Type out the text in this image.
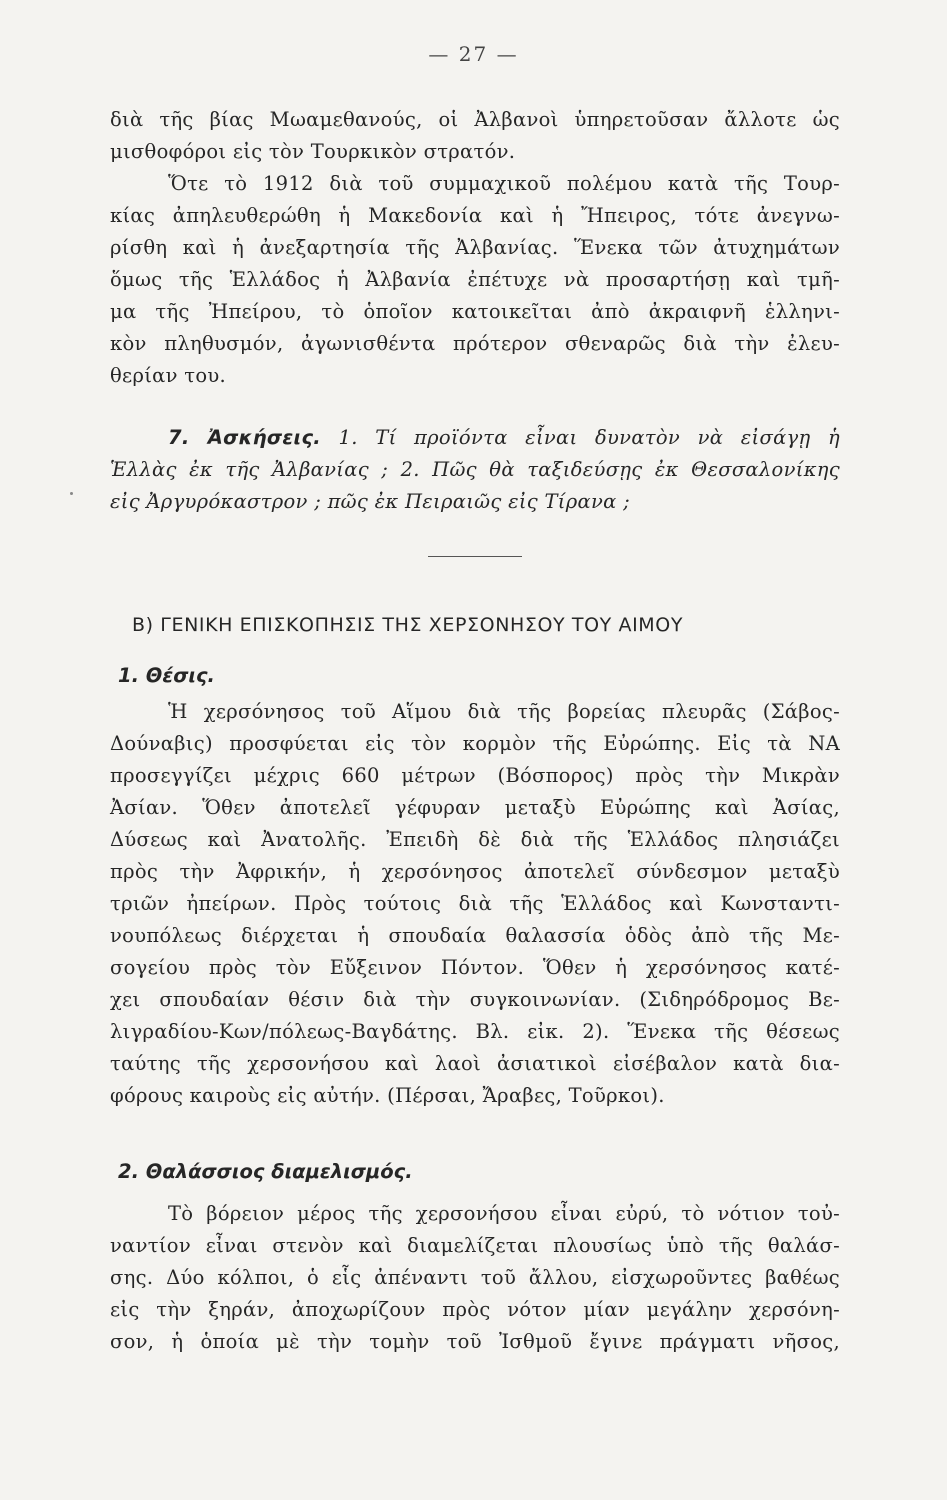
— 27 —
διὰ τῆς βίας Μωαμεθανούς, οἱ Ἀλβανοὶ ὑπηρετοῦσαν ἄλλοτε ὡς
μισθοφόροι εἰς τὸν Τουρκικὸν στρατόν.
Ὅτε τὸ 1912 διὰ τοῦ συμμαχικοῦ πολέμου κατὰ τῆς Τουρ-
κίας ἀπηλευθερώθη ἡ Μακεδονία καὶ ἡ Ἤπειρος, τότε ἀνεγνω-
ρίσθη καὶ ἡ ἀνεξαρτησία τῆς Ἀλβανίας. Ἕνεκα τῶν ἀτυχημάτων
ὅμως τῆς Ἑλλάδος ἡ Ἀλβανία ἐπέτυχε νὰ προσαρτήσῃ καὶ τμῆ-
μα τῆς Ἠπείρου, τὸ ὁποῖον κατοικεῖται ἀπὸ ἀκραιφνῆ ἑλληνι-
κὸν πληθυσμόν, ἀγωνισθέντα πρότερον σθεναρῶς διὰ τὴν ἐλευ-
θερίαν του.
7. Ἀσκήσεις. 1. Τί προϊόντα εἶναι δυνατὸν νὰ εἰσάγῃ ἡ
Ἑλλὰς ἐκ τῆς Ἀλβανίας ; 2. Πῶς θὰ ταξιδεύσῃς ἐκ Θεσσαλονίκης
εἰς Ἀργυρόκαστρον ; πῶς ἐκ Πειραιῶς εἰς Τίρανα ;
Β) ΓΕΝΙΚΗ ΕΠΙΣΚΟΠΗΣΙΣ ΤΗΣ ΧΕΡΣΟΝΗΣΟΥ ΤΟΥ ΑΙΜΟΥ
1. Θέσις.
Ἡ χερσόνησος τοῦ Αἵμου διὰ τῆς βορείας πλευρᾶς (Σάβος-
Δούναβις) προσφύεται εἰς τὸν κορμὸν τῆς Εὐρώπης. Εἰς τὰ ΝΑ
προσεγγίζει μέχρις 660 μέτρων (Βόσπορος) πρὸς τὴν Μικρὰν
Ἀσίαν. Ὅθεν ἀποτελεῖ γέφυραν μεταξὺ Εὐρώπης καὶ Ἀσίας,
Δύσεως καὶ Ἀνατολῆς. Ἐπειδὴ δὲ διὰ τῆς Ἑλλάδος πλησιάζει
πρὸς τὴν Ἀφρικήν, ἡ χερσόνησος ἀποτελεῖ σύνδεσμον μεταξὺ
τριῶν ἠπείρων. Πρὸς τούτοις διὰ τῆς Ἑλλάδος καὶ Κωνσταντι-
νουπόλεως διέρχεται ἡ σπουδαία θαλασσία ὁδὸς ἀπὸ τῆς Με-
σογείου πρὸς τὸν Εὔξεινον Πόντον. Ὅθεν ἡ χερσόνησος κατέ-
χει σπουδαίαν θέσιν διὰ τὴν συγκοινωνίαν. (Σιδηρόδρομος Βε-
λιγραδίου-Κων/πόλεως-Βαγδάτης. Βλ. εἰκ. 2). Ἕνεκα τῆς θέσεως
ταύτης τῆς χερσονήσου καὶ λαοὶ ἀσιατικοὶ εἰσέβαλον κατὰ δια-
φόρους καιροὺς εἰς αὐτήν. (Πέρσαι, Ἄραβες, Τοῦρκοι).
2. Θαλάσσιος διαμελισμός.
Τὸ βόρειον μέρος τῆς χερσονήσου εἶναι εὐρύ, τὸ νότιον τοὐ-
ναντίον εἶναι στενὸν καὶ διαμελίζεται πλουσίως ὑπὸ τῆς θαλάσ-
σης. Δύο κόλποι, ὁ εἷς ἀπέναντι τοῦ ἄλλου, εἰσχωροῦντες βαθέως
εἰς τὴν ξηράν, ἀποχωρίζουν πρὸς νότον μίαν μεγάλην χερσόνη-
σον, ἡ ὁποία μὲ τὴν τομὴν τοῦ Ἰσθμοῦ ἔγινε πράγματι νῆσος,
